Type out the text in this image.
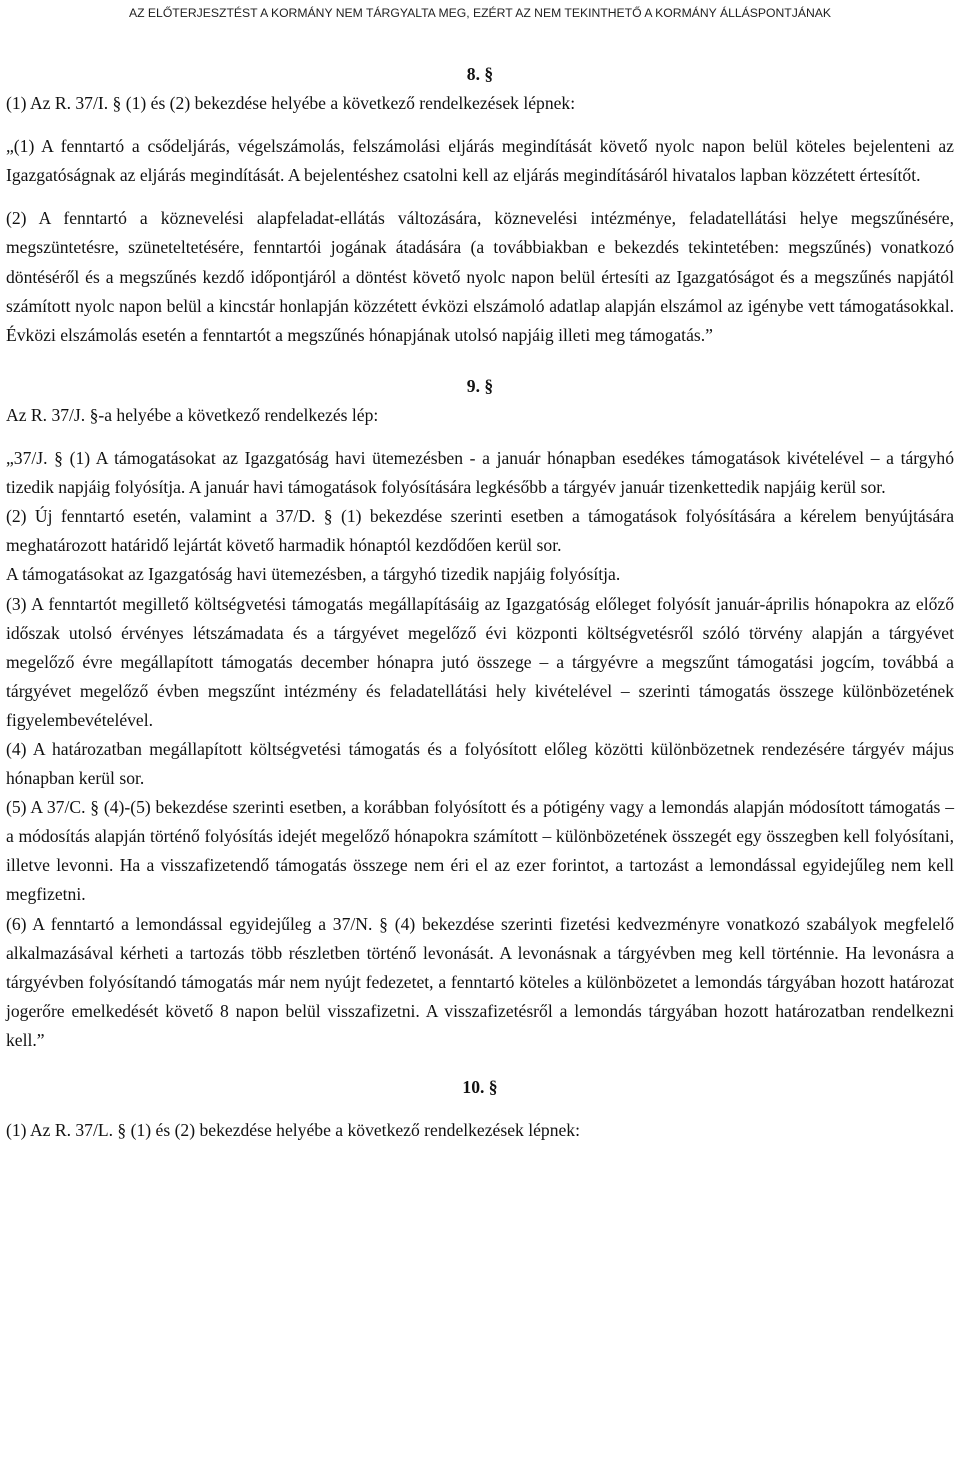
AZ ELŐTERJESZTÉST A KORMÁNY NEM TÁRGYALTA MEG, EZÉRT AZ NEM TEKINTHETŐ A KORMÁNY ÁLLÁSPONTJÁNAK

8. §

(1) Az R. 37/I. § (1) és (2) bekezdése helyébe a következő rendelkezések lépnek:

„(1) A fenntartó a csődeljárás, végelszámolás, felszámolási eljárás megindítását követő nyolc napon belül köteles bejelenteni az Igazgatóságnak az eljárás megindítását. A bejelentéshez csatolni kell az eljárás megindításáról hivatalos lapban közzétett értesítőt.

(2) A fenntartó a köznevelési alapfeladat-ellátás változására, köznevelési intézménye, feladatellátási helye megszűnésére, megszüntetésre, szüneteltetésére, fenntartói jogának átadására (a továbbiakban e bekezdés tekintetében: megszűnés) vonatkozó döntéséről és a megszűnés kezdő időpontjáról a döntést követő nyolc napon belül értesíti az Igazgatóságot és a megszűnés napjától számított nyolc napon belül a kincstár honlapján közzétett évközi elszámoló adatlap alapján elszámol az igénybe vett támogatásokkal. Évközi elszámolás esetén a fenntartót a megszűnés hónapjának utolsó napjáig illeti meg támogatás.”

9. §

Az R. 37/J. §-a helyébe a következő rendelkezés lép:

„37/J. § (1) A támogatásokat az Igazgatóság havi ütemezésben - a január hónapban esedékes támogatások kivételével – a tárgyhó tizedik napjáig folyósítja. A január havi támogatások folyósítására legkésőbb a tárgyév január tizenkettedik napjáig kerül sor.

(2) Új fenntartó esetén, valamint a 37/D. § (1) bekezdése szerinti esetben a támogatások folyósítására a kérelem benyújtására meghatározott határidő lejártát követő harmadik hónaptól kezdődően kerül sor.

A támogatásokat az Igazgatóság havi ütemezésben, a tárgyhó tizedik napjáig folyósítja.

(3) A fenntartót megillető költségvetési támogatás megállapításáig az Igazgatóság előleget folyósít január-április hónapokra az előző időszak utolsó érvényes létszámadata és a tárgyévet megelőző évi központi költségvetésről szóló törvény alapján a tárgyévet megelőző évre megállapított támogatás december hónapra jutó összege – a tárgyévre a megszűnt támogatási jogcím, továbbá a tárgyévet megelőző évben megszűnt intézmény és feladatellátási hely kivételével – szerinti támogatás összege különbözetének figyelembevételével.

(4) A határozatban megállapított költségvetési támogatás és a folyósított előleg közötti különbözetnek rendezésére tárgyév május hónapban kerül sor.

(5) A 37/C. § (4)-(5) bekezdése szerinti esetben, a korábban folyósított és a pótigény vagy a lemondás alapján módosított támogatás – a módosítás alapján történő folyósítás idejét megelőző hónapokra számított – különbözetének összegét egy összegben kell folyósítani, illetve levonni. Ha a visszafizetendő támogatás összege nem éri el az ezer forintot, a tartozást a lemondással egyidejűleg nem kell megfizetni.

(6) A fenntartó a lemondással egyidejűleg a 37/N. § (4) bekezdése szerinti fizetési kedvezményre vonatkozó szabályok megfelelő alkalmazásával kérheti a tartozás több részletben történő levonását. A levonásnak a tárgyévben meg kell történnie. Ha levonásra a tárgyévben folyósítandó támogatás már nem nyújt fedezetet, a fenntartó köteles a különbözetet a lemondás tárgyában hozott határozat jogerőre emelkedését követő 8 napon belül visszafizetni. A visszafizetésről a lemondás tárgyában hozott határozatban rendelkezni kell.”

10. §

(1) Az R. 37/L. § (1) és (2) bekezdése helyébe a következő rendelkezések lépnek:
